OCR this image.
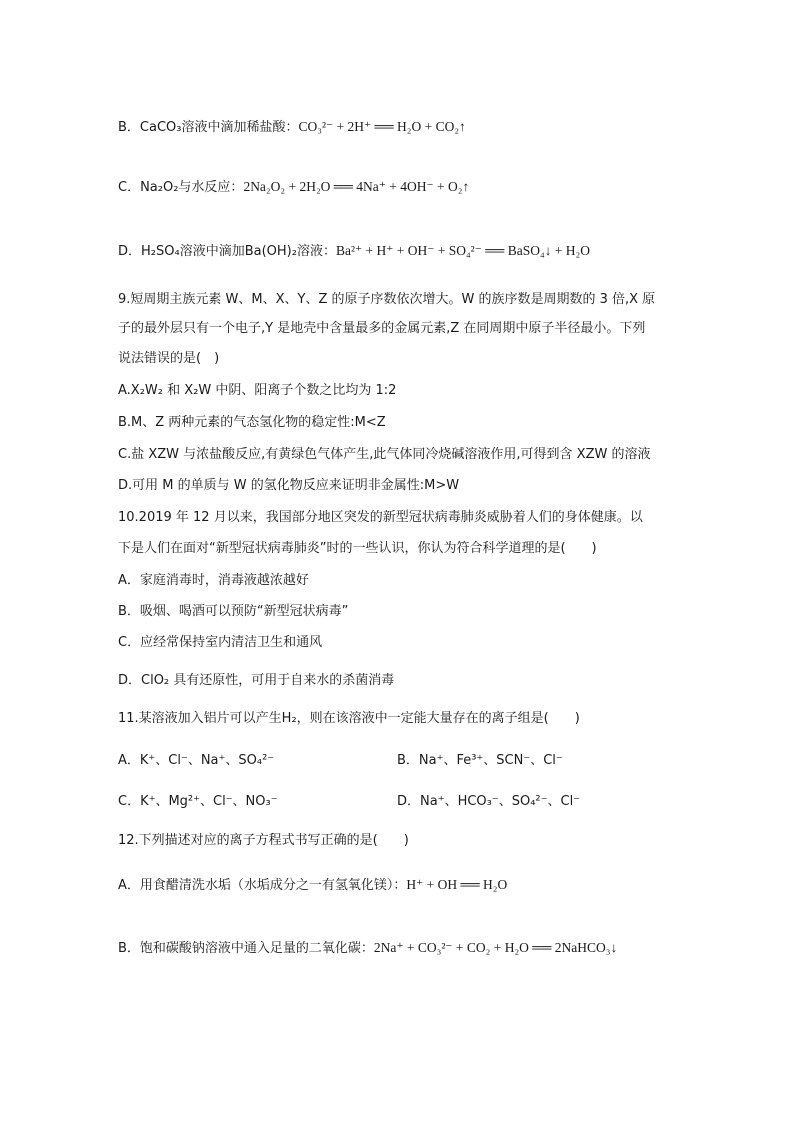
B．CaCO₃溶液中滴加稀盐酸：CO₃²⁻ + 2H⁺ ══ H₂O + CO₂↑
C．Na₂O₂与水反应：2Na₂O₂ + 2H₂O ══ 4Na⁺ + 4OH⁻ + O₂↑
D．H₂SO₄溶液中滴加Ba(OH)₂溶液：Ba²⁺ + H⁺ + OH⁻ + SO₄²⁻ ══ BaSO₄↓ + H₂O
9.短周期主族元素 W、M、X、Y、Z 的原子序数依次增大。W 的族序数是周期数的 3 倍,X 原
子的最外层只有一个电子,Y 是地壳中含量最多的金属元素,Z 在同周期中原子半径最小。下列
说法错误的是(　)
A.X₂W₂ 和 X₂W 中阴、阳离子个数之比均为 1:2
B.M、Z 两种元素的气态氢化物的稳定性:M<Z
C.盐 XZW 与浓盐酸反应,有黄绿色气体产生,此气体同冷烧碱溶液作用,可得到含 XZW 的溶液
D.可用 M 的单质与 W 的氢化物反应来证明非金属性:M>W
10.2019 年 12 月以来，我国部分地区突发的新型冠状病毒肺炎威胁着人们的身体健康。以
下是人们在面对“新型冠状病毒肺炎”时的一些认识，你认为符合科学道理的是(　　)
A．家庭消毒时，消毒液越浓越好
B．吸烟、喝酒可以预防“新型冠状病毒”
C．应经常保持室内清洁卫生和通风
D．ClO₂ 具有还原性，可用于自来水的杀菌消毒
11.某溶液加入铝片可以产生H₂，则在该溶液中一定能大量存在的离子组是(　　)
A．K⁺、Cl⁻、Na⁺、SO₄²⁻	B．Na⁺、Fe³⁺、SCN⁻、Cl⁻
C．K⁺、Mg²⁺、Cl⁻、NO₃⁻	D．Na⁺、HCO₃⁻、SO₄²⁻、Cl⁻
12.下列描述对应的离子方程式书写正确的是(　　)
A．用食醋清洗水垢（水垢成分之一有氢氧化镁）：H⁺ + OH ══ H₂O
B．饱和碳酸钠溶液中通入足量的二氧化碳：2Na⁺ + CO₃²⁻ + CO₂ + H₂O ══ 2NaHCO₃↓
